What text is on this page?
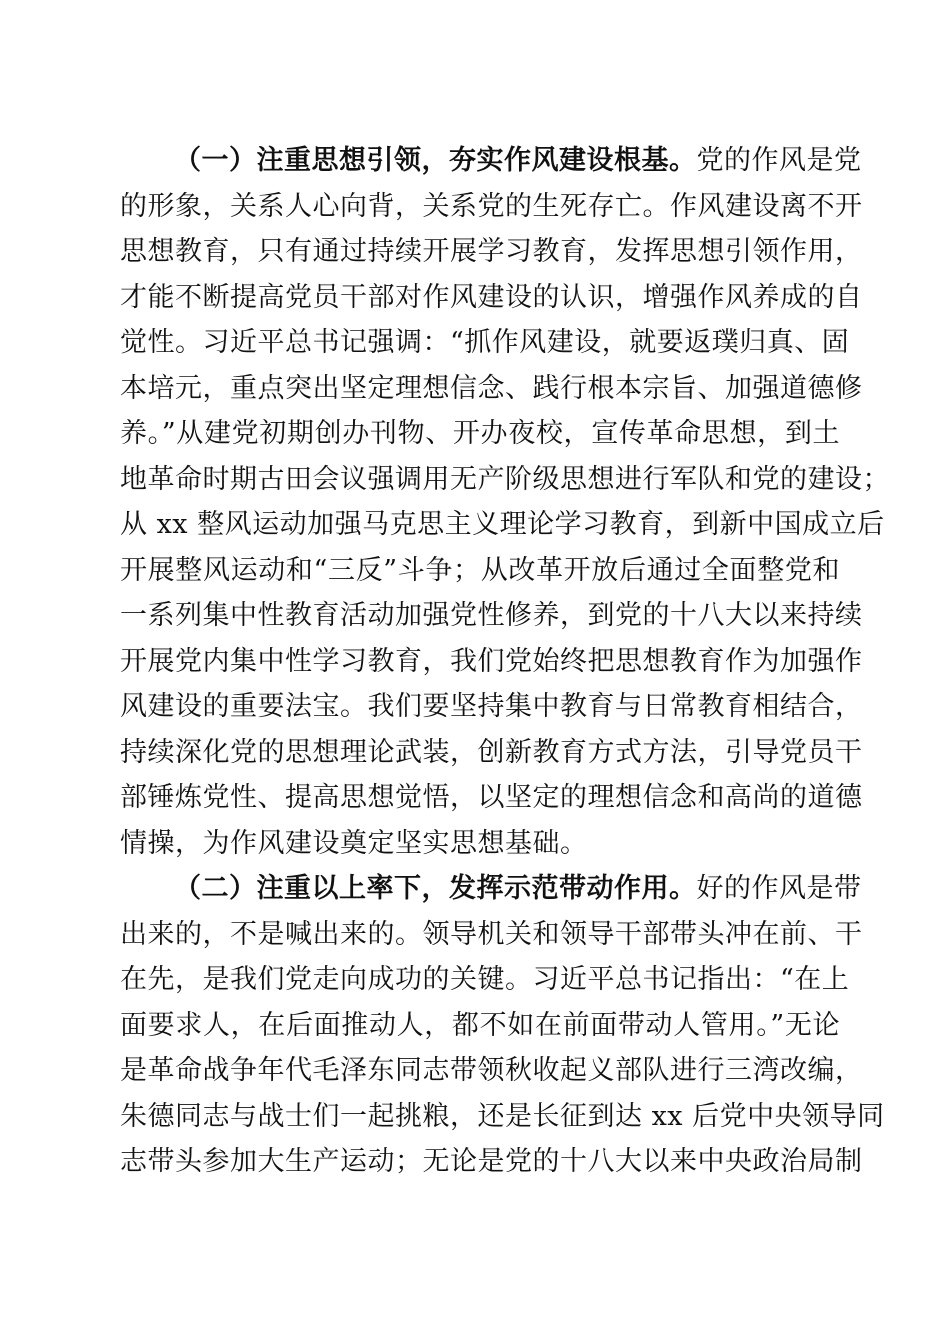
（一）注重思想引领，夯实作风建设根基。党的作风是党
的形象，关系人心向背，关系党的生死存亡。作风建设离不开
思想教育，只有通过持续开展学习教育，发挥思想引领作用，
才能不断提高党员干部对作风建设的认识，增强作风养成的自
觉性。习近平总书记强调：“抓作风建设，就要返璞归真、固
本培元，重点突出坚定理想信念、践行根本宗旨、加强道德修
养。”从建党初期创办刊物、开办夜校，宣传革命思想，到土
地革命时期古田会议强调用无产阶级思想进行军队和党的建设；
从 xx 整风运动加强马克思主义理论学习教育，到新中国成立后
开展整风运动和“三反”斗争；从改革开放后通过全面整党和
一系列集中性教育活动加强党性修养，到党的十八大以来持续
开展党内集中性学习教育，我们党始终把思想教育作为加强作
风建设的重要法宝。我们要坚持集中教育与日常教育相结合，
持续深化党的思想理论武装，创新教育方式方法，引导党员干
部锤炼党性、提高思想觉悟，以坚定的理想信念和高尚的道德
情操，为作风建设奠定坚实思想基础。
（二）注重以上率下，发挥示范带动作用。好的作风是带
出来的，不是喊出来的。领导机关和领导干部带头冲在前、干
在先，是我们党走向成功的关键。习近平总书记指出：“在上
面要求人，在后面推动人，都不如在前面带动人管用。”无论
是革命战争年代毛泽东同志带领秋收起义部队进行三湾改编，
朱德同志与战士们一起挑粮，还是长征到达 xx 后党中央领导同
志带头参加大生产运动；无论是党的十八大以来中央政治局制
